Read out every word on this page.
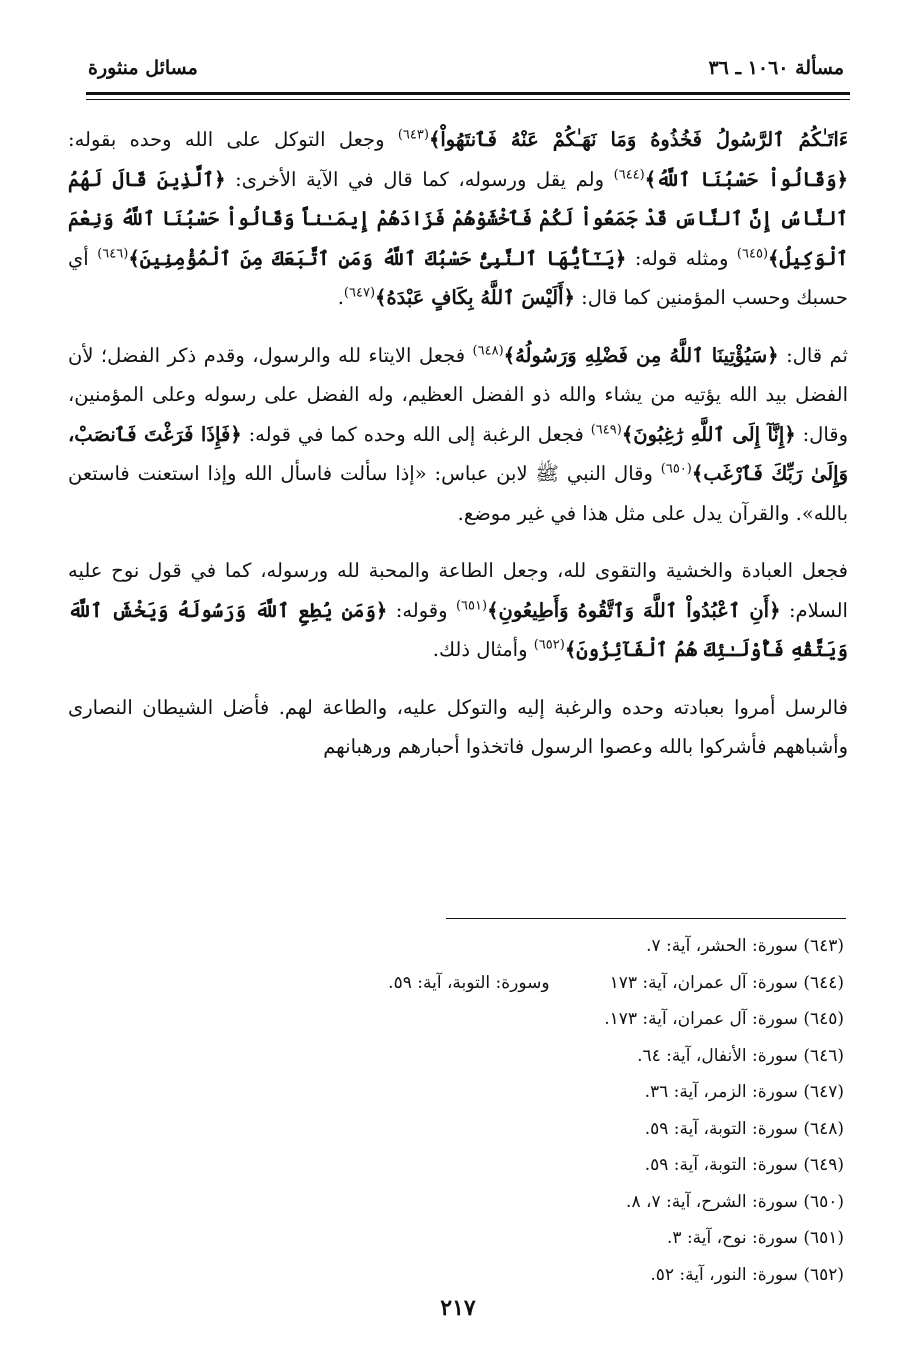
مسألة ١٠٦٠ ـ ٣٦
مسائل منثورة

ءَاتَـٰكُمُ ٱلرَّسُولُ فَخُذُوهُ وَمَا نَهَـٰكُمْ عَنْهُ فَٱنتَهُواْ﴾$^{(٦٤٣)}$ وجعل التوكل على الله وحده بقوله: ﴿وَقَالُواْ حَسْبُنَا ٱللَّهُ﴾$^{(٦٤٤)}$ ولم يقل ورسوله، كما قال في الآية الأخرى: ﴿ٱلَّذِينَ قَالَ لَهُمُ ٱلنَّاسُ إِنَّ ٱلنَّاسَ قَدْ جَمَعُواْ لَكُمْ فَٱخْشَوْهُمْ فَزَادَهُمْ إِيمَـٰناً وَقَالُواْ حَسْبُنَا ٱللَّهُ وَنِعْمَ ٱلْوَكِيلُ﴾$^{(٦٤٥)}$ ومثله قوله: ﴿يَـٰٓأَيُّهَا ٱلنَّبِىُّ حَسْبُكَ ٱللَّهُ وَمَنِ ٱتَّبَعَكَ مِنَ ٱلْمُؤْمِنِينَ﴾$^{(٦٤٦)}$ أي حسبك وحسب المؤمنين كما قال: ﴿أَلَيْسَ ٱللَّهُ بِكَافٍ عَبْدَهُ﴾$^{(٦٤٧)}$.

ثم قال: ﴿سَيُؤْتِينَا ٱللَّهُ مِن فَضْلِهِ وَرَسُولُهُ﴾$^{(٦٤٨)}$ فجعل الايتاء لله والرسول، وقدم ذكر الفضل؛ لأن الفضل بيد الله يؤتيه من يشاء والله ذو الفضل العظيم، وله الفضل على رسوله وعلى المؤمنين، وقال: ﴿إِنَّآ إِلَى ٱللَّهِ رَٰغِبُونَ﴾$^{(٦٤٩)}$ فجعل الرغبة إلى الله وحده كما في قوله: ﴿فَإِذَا فَرَغْتَ فَٱنصَبْ، وَإِلَىٰ رَبِّكَ فَٱرْغَب﴾$^{(٦٥٠)}$ وقال النبي ﷺ لابن عباس: «إذا سألت فاسأل الله وإذا استعنت فاستعن بالله». والقرآن يدل على مثل هذا في غير موضع.

فجعل العبادة والخشية والتقوى لله، وجعل الطاعة والمحبة لله ورسوله، كما في قول نوح عليه السلام: ﴿أَنِ ٱعْبُدُواْ ٱللَّهَ وَٱتَّقُوهُ وَأَطِيعُونِ﴾$^{(٦٥١)}$ وقوله: ﴿وَمَن يُطِعِ ٱللَّهَ وَرَسُولَهُ وَيَخْشَ ٱللَّهَ وَيَتَّقْهِ فَأُوْلَـٰئِكَ هُمُ ٱلْفَآئِزُونَ﴾$^{(٦٥٢)}$ وأمثال ذلك.

فالرسل أمروا بعبادته وحده والرغبة إليه والتوكل عليه، والطاعة لهم. فأضل الشيطان النصارى وأشباههم فأشركوا بالله وعصوا الرسول فاتخذوا أحبارهم ورهبانهم

(٦٤٣) سورة: الحشر، آية: ٧.
(٦٤٤) سورة: آل عمران، آية: ١٧٣وسورة: التوبة، آية: ٥٩.
(٦٤٥) سورة: آل عمران، آية: ١٧٣.
(٦٤٦) سورة: الأنفال، آية: ٦٤.
(٦٤٧) سورة: الزمر، آية: ٣٦.
(٦٤٨) سورة: التوبة، آية: ٥٩.
(٦٤٩) سورة: التوبة، آية: ٥٩.
(٦٥٠) سورة: الشرح، آية: ٧، ٨.
(٦٥١) سورة: نوح، آية: ٣.
(٦٥٢) سورة: النور، آية: ٥٢.
٢١٧
